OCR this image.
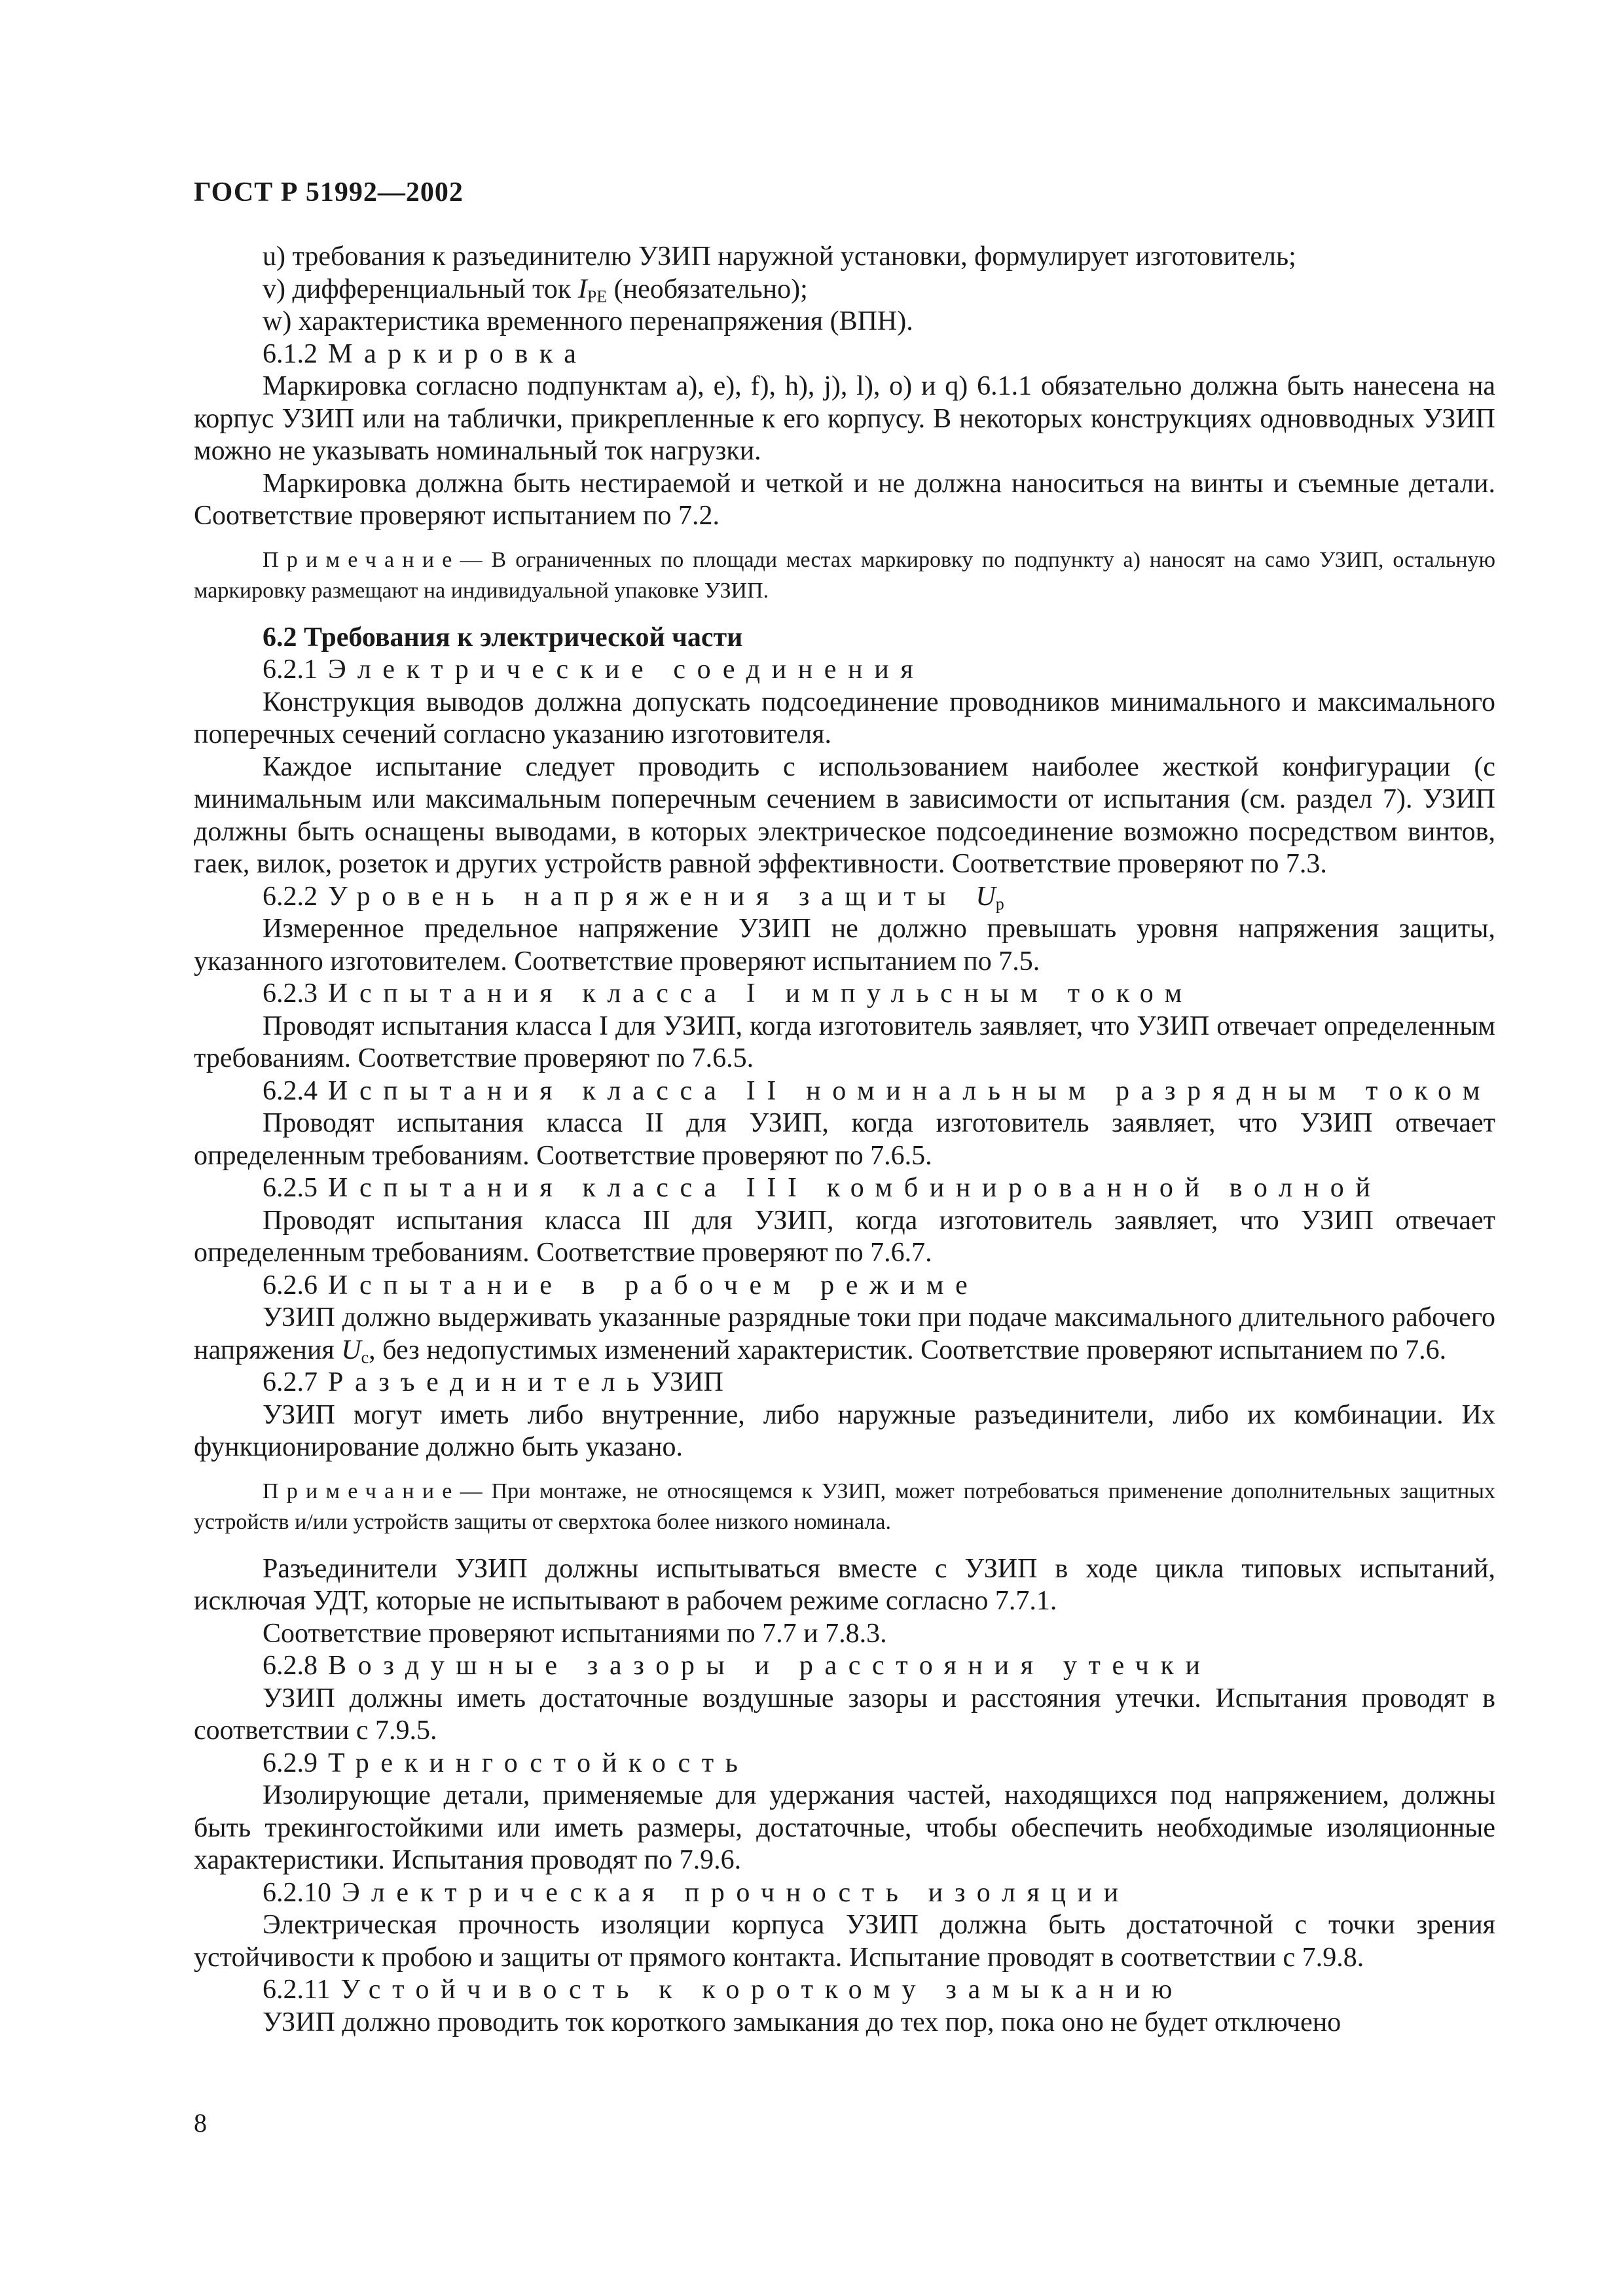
ГОСТ Р 51992—2002

u) требования к разъединителю УЗИП наружной установки, формулирует изготовитель;

v) дифференциальный ток $I_{PE}$ (необязательно);

w) характеристика временного перенапряжения (ВПН).

6.1.2 Маркировка

Маркировка согласно подпунктам a), e), f), h), j), l), o) и q) 6.1.1 обязательно должна быть нанесена на корпус УЗИП или на таблички, прикрепленные к его корпусу. В некоторых конструкциях одновводных УЗИП можно не указывать номинальный ток нагрузки.

Маркировка должна быть нестираемой и четкой и не должна наноситься на винты и съемные детали. Соответствие проверяют испытанием по 7.2.

Примечание— В ограниченных по площади местах маркировку по подпункту a) наносят на само УЗИП, остальную маркировку размещают на индивидуальной упаковке УЗИП.

6.2 Требования к электрической части
6.2.1 Электрические соединения

Конструкция выводов должна допускать подсоединение проводников минимального и максимального поперечных сечений согласно указанию изготовителя.

Каждое испытание следует проводить с использованием наиболее жесткой конфигурации (с минимальным или максимальным поперечным сечением в зависимости от испытания (см. раздел 7). УЗИП должны быть оснащены выводами, в которых электрическое подсоединение возможно посредством винтов, гаек, вилок, розеток и других устройств равной эффективности. Соответствие проверяют по 7.3.

6.2.2 Уровень напряжения защиты $U_p$

Измеренное предельное напряжение УЗИП не должно превышать уровня напряжения защиты, указанного изготовителем. Соответствие проверяют испытанием по 7.5.

6.2.3 Испытания класса I импульсным током

Проводят испытания класса I для УЗИП, когда изготовитель заявляет, что УЗИП отвечает определенным требованиям. Соответствие проверяют по 7.6.5.

6.2.4 Испытания класса II номинальным разрядным током

Проводят испытания класса II для УЗИП, когда изготовитель заявляет, что УЗИП отвечает определенным требованиям. Соответствие проверяют по 7.6.5.

6.2.5 Испытания класса III комбинированной волной

Проводят испытания класса III для УЗИП, когда изготовитель заявляет, что УЗИП отвечает определенным требованиям. Соответствие проверяют по 7.6.7.

6.2.6 Испытание в рабочем режиме

УЗИП должно выдерживать указанные разрядные токи при подаче максимального длительного рабочего напряжения $U_c$, без недопустимых изменений характеристик. Соответствие проверяют испытанием по 7.6.

6.2.7 РазъединительУЗИП

УЗИП могут иметь либо внутренние, либо наружные разъединители, либо их комбинации. Их функционирование должно быть указано.

Примечание— При монтаже, не относящемся к УЗИП, может потребоваться применение дополнительных защитных устройств и/или устройств защиты от сверхтока более низкого номинала.

Разъединители УЗИП должны испытываться вместе с УЗИП в ходе цикла типовых испытаний, исключая УДТ, которые не испытывают в рабочем режиме согласно 7.7.1.

Соответствие проверяют испытаниями по 7.7 и 7.8.3.

6.2.8 Воздушные зазоры и расстояния утечки

УЗИП должны иметь достаточные воздушные зазоры и расстояния утечки. Испытания проводят в соответствии с 7.9.5.

6.2.9 Трекингостойкость

Изолирующие детали, применяемые для удержания частей, находящихся под напряжением, должны быть трекингостойкими или иметь размеры, достаточные, чтобы обеспечить необходимые изоляционные характеристики. Испытания проводят по 7.9.6.

6.2.10 Электрическая прочность изоляции

Электрическая прочность изоляции корпуса УЗИП должна быть достаточной с точки зрения устойчивости к пробою и защиты от прямого контакта. Испытание проводят в соответствии с 7.9.8.

6.2.11 Устойчивость к короткому замыканию

УЗИП должно проводить ток короткого замыкания до тех пор, пока оно не будет отключено

8
